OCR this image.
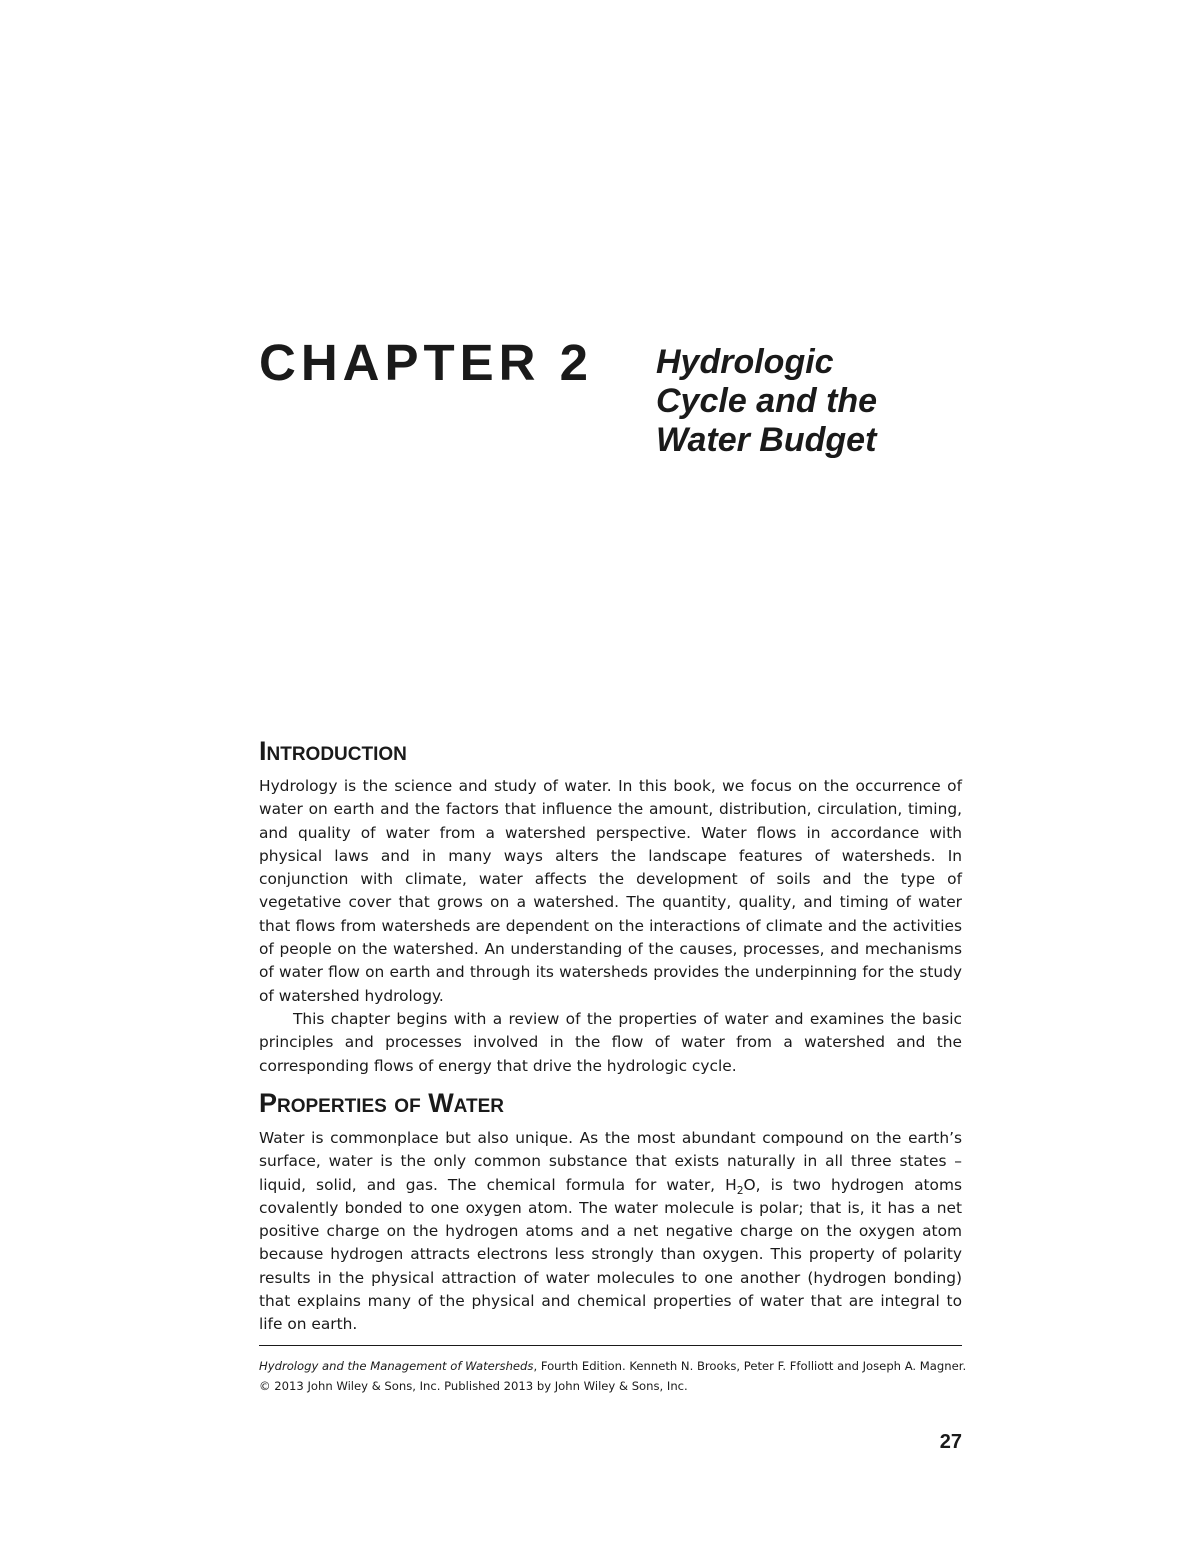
CHAPTER 2 Hydrologic
Cycle and the
Water Budget
Introduction

Hydrology is the science and study of water. In this book, we focus on the occurrence of water on earth and the factors that influence the amount, distribution, circulation, timing, and quality of water from a watershed perspective. Water flows in accordance with physical laws and in many ways alters the landscape features of watersheds. In conjunction with climate, water affects the development of soils and the type of vegetative cover that grows on a watershed. The quantity, quality, and timing of water that flows from watersheds are dependent on the interactions of climate and the activities of people on the watershed. An understanding of the causes, processes, and mechanisms of water flow on earth and through its watersheds provides the underpinning for the study of watershed hydrology.

This chapter begins with a review of the properties of water and examines the basic principles and processes involved in the flow of water from a watershed and the corresponding flows of energy that drive the hydrologic cycle.

Properties of Water

Water is commonplace but also unique. As the most abundant compound on the earth’s surface, water is the only common substance that exists naturally in all three states – liquid, solid, and gas. The chemical formula for water, $H_2O$, is two hydrogen atoms covalently bonded to one oxygen atom. The water molecule is polar; that is, it has a net positive charge on the hydrogen atoms and a net negative charge on the oxygen atom because hydrogen attracts electrons less strongly than oxygen. This property of polarity results in the physical attraction of water molecules to one another (hydrogen bonding) that explains many of the physical and chemical properties of water that are integral to life on earth.

Hydrology and the Management of Watersheds, Fourth Edition. Kenneth N. Brooks, Peter F. Ffolliott and Joseph A. Magner.
© 2013 John Wiley & Sons, Inc. Published 2013 by John Wiley & Sons, Inc.
27
